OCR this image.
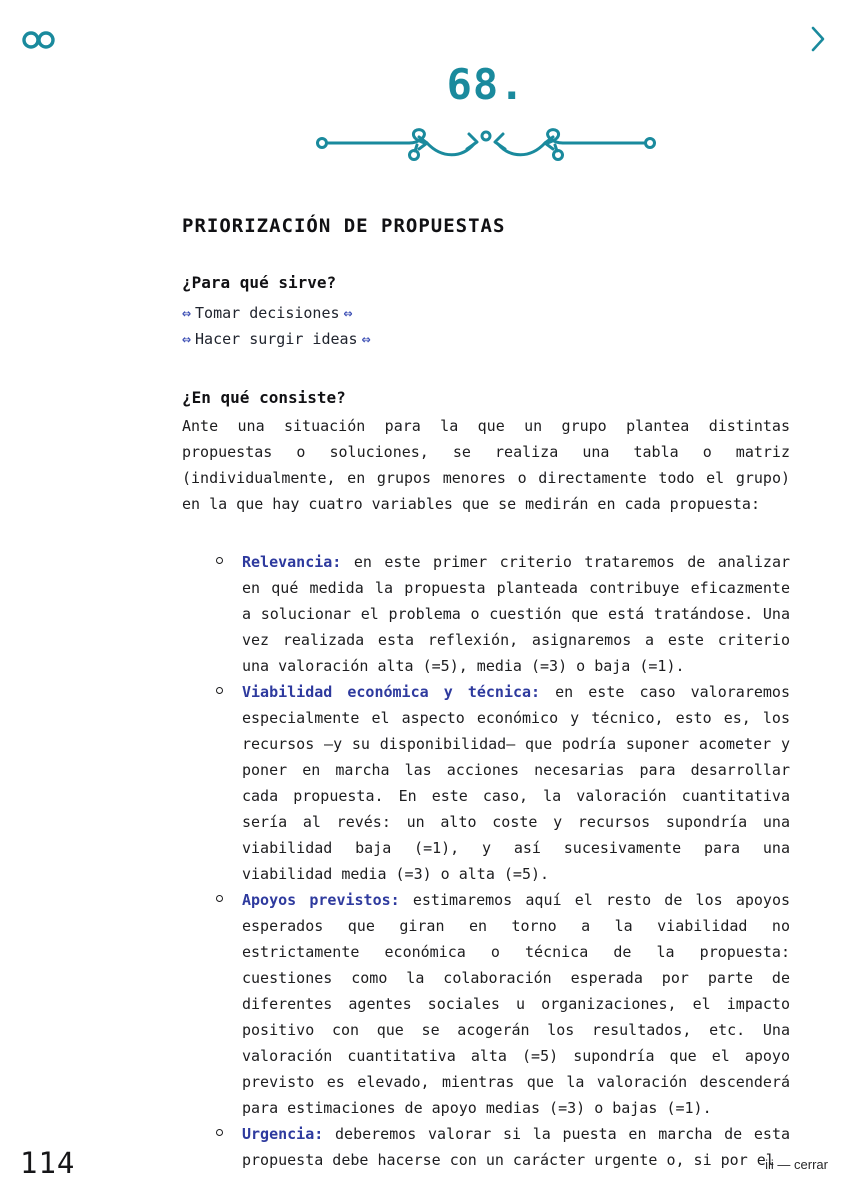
68.
PRIORIZACIÓN DE PROPUESTAS
¿Para qué sirve?
⇔ Tomar decisiones ⇔
⇔ Hacer surgir ideas ⇔
¿En qué consiste?

Ante una situación para la que un grupo plantea distintas propuestas o soluciones, se realiza una tabla o matriz (individualmente, en grupos menores o directamente todo el grupo) en la que hay cuatro variables que se medirán en cada propuesta:

Relevancia: en este primer criterio trataremos de analizar en qué medida la propuesta planteada contribuye eficazmente a solucionar el problema o cuestión que está tratándose. Una vez realizada esta reflexión, asignaremos a este criterio una valoración alta (=5), media (=3) o baja (=1).
Viabilidad económica y técnica: en este caso valoraremos especialmente el aspecto económico y técnico, esto es, los recursos —y su disponibilidad— que podría suponer acometer y poner en marcha las acciones necesarias para desarrollar cada propuesta. En este caso, la valoración cuantitativa sería al revés: un alto coste y recursos supondría una viabilidad baja (=1), y así sucesivamente para una viabilidad media (=3) o alta (=5).
Apoyos previstos: estimaremos aquí el resto de los apoyos esperados que giran en torno a la viabilidad no estrictamente económica o técnica de la propuesta: cuestiones como la colaboración esperada por parte de diferentes agentes sociales u organizaciones, el impacto positivo con que se acogerán los resultados, etc. Una valoración cuantitativa alta (=5) supondría que el apoyo previsto es elevado, mientras que la valoración descenderá para estimaciones de apoyo medias (=3) o bajas (=1).
Urgencia: deberemos valorar si la puesta en marcha de esta propuesta debe hacerse con un carácter urgente o, si por el
114	iii — cerrar
